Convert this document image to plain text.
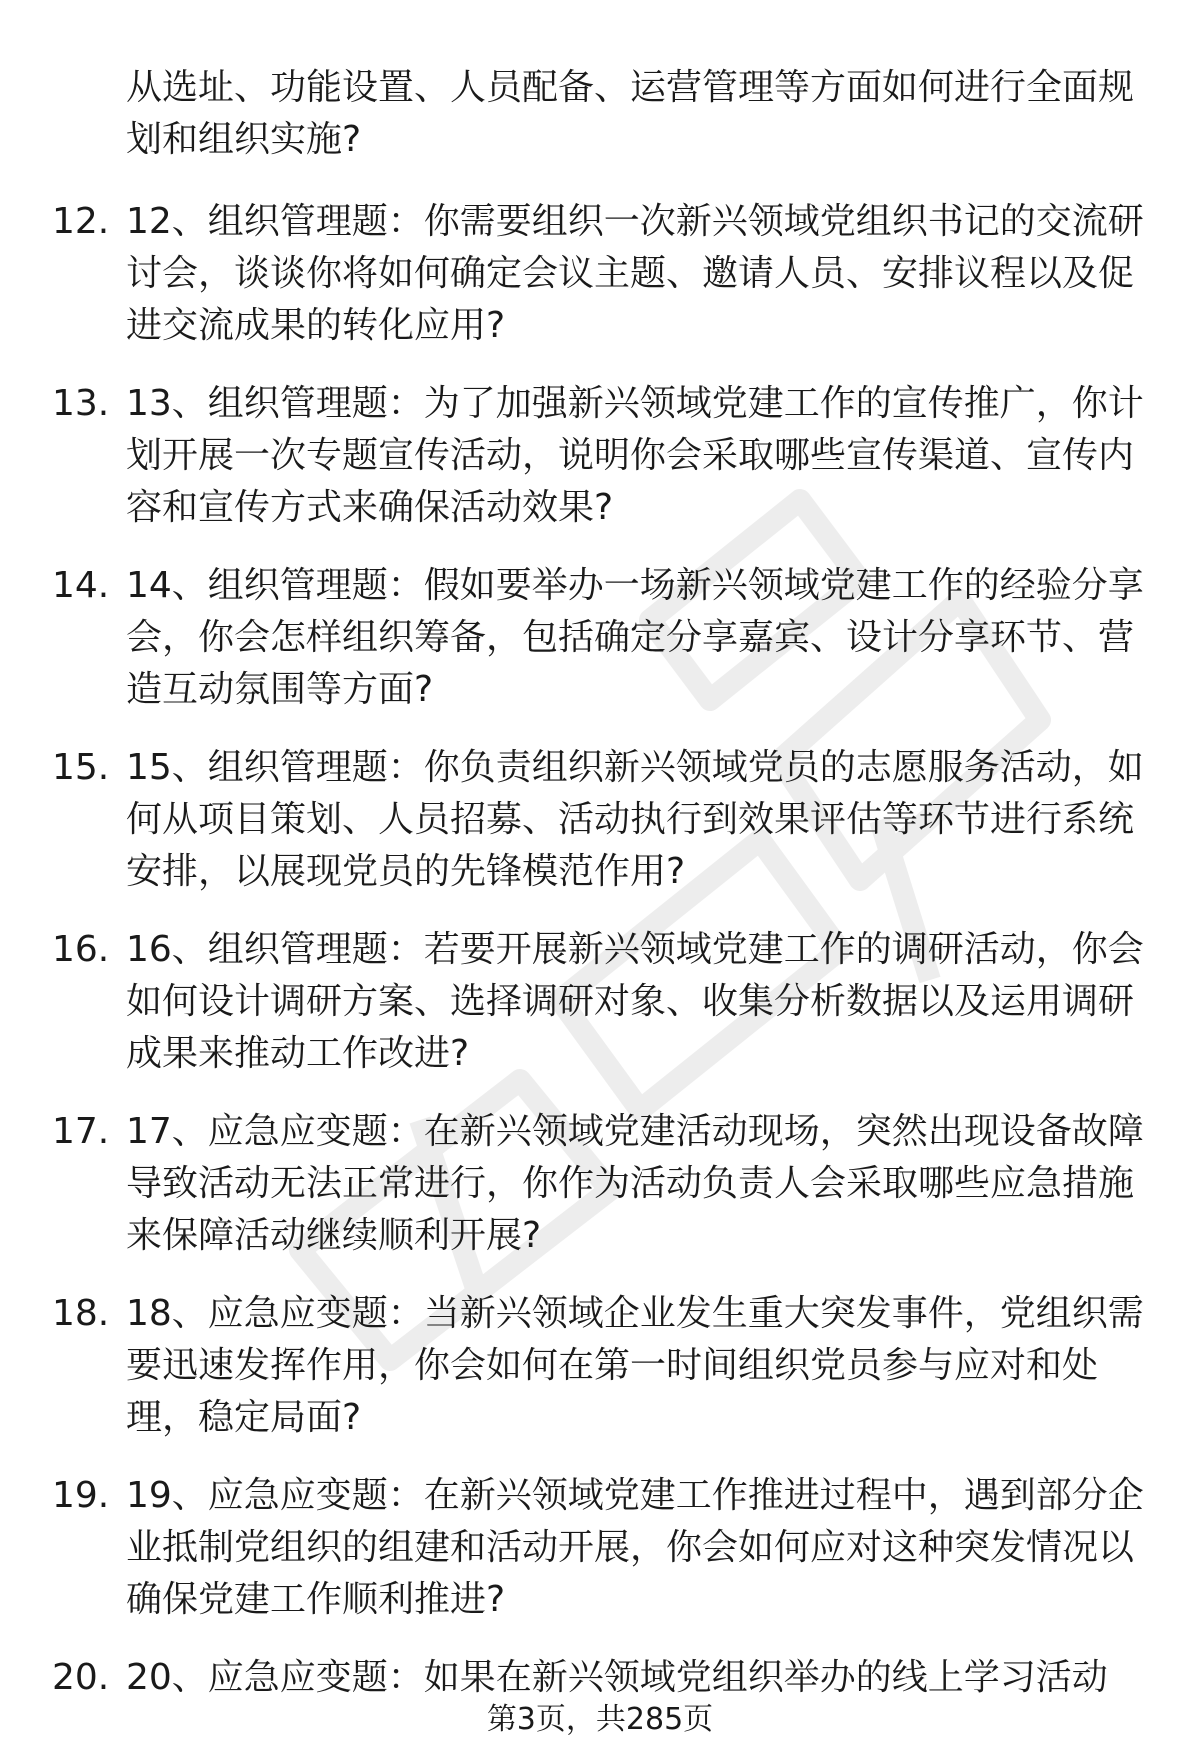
从选址、功能设置、人员配备、运营管理等方面如何进行全面规划和组织实施?
12. 12、组织管理题：你需要组织一次新兴领域党组织书记的交流研讨会，谈谈你将如何确定会议主题、邀请人员、安排议程以及促进交流成果的转化应用?
13. 13、组织管理题：为了加强新兴领域党建工作的宣传推广，你计划开展一次专题宣传活动，说明你会采取哪些宣传渠道、宣传内容和宣传方式来确保活动效果?
14. 14、组织管理题：假如要举办一场新兴领域党建工作的经验分享会，你会怎样组织筹备，包括确定分享嘉宾、设计分享环节、营造互动氛围等方面?
15. 15、组织管理题：你负责组织新兴领域党员的志愿服务活动，如何从项目策划、人员招募、活动执行到效果评估等环节进行系统安排，以展现党员的先锋模范作用?
16. 16、组织管理题：若要开展新兴领域党建工作的调研活动，你会如何设计调研方案、选择调研对象、收集分析数据以及运用调研成果来推动工作改进?
17. 17、应急应变题：在新兴领域党建活动现场，突然出现设备故障导致活动无法正常进行，你作为活动负责人会采取哪些应急措施来保障活动继续顺利开展?
18. 18、应急应变题：当新兴领域企业发生重大突发事件，党组织需要迅速发挥作用，你会如何在第一时间组织党员参与应对和处理，稳定局面?
19. 19、应急应变题：在新兴领域党建工作推进过程中，遇到部分企业抵制党组织的组建和活动开展，你会如何应对这种突发情况以确保党建工作顺利推进?
20. 20、应急应变题：如果在新兴领域党组织举办的线上学习活动
第3页，共285页
